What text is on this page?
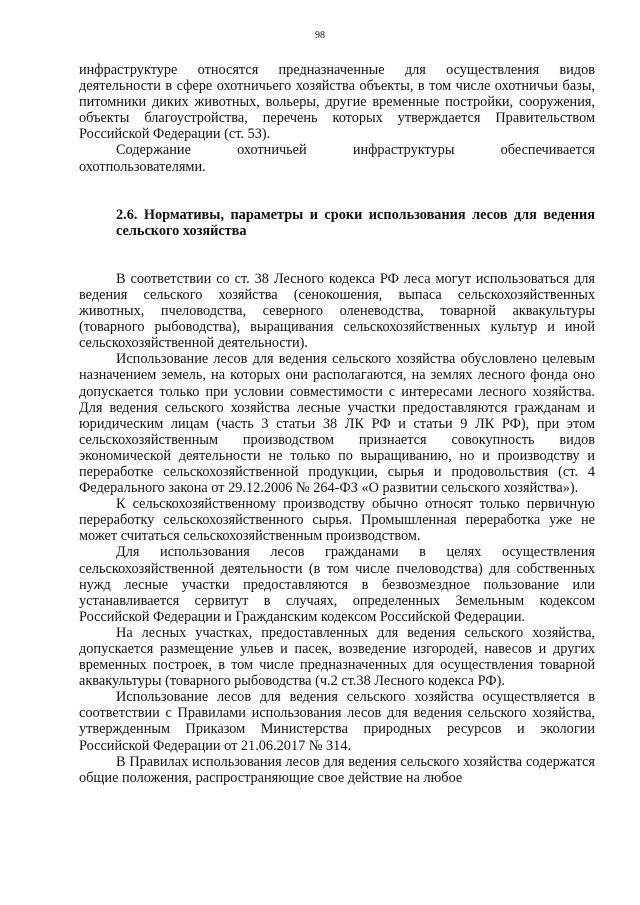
98

инфраструктуре относятся предназначенные для осуществления видов деятельности в сфере охотничьего хозяйства объекты, в том числе охотничьи базы, питомники диких животных, вольеры, другие временные постройки, сооружения, объекты благоустройства, перечень которых утверждается Правительством Российской Федерации (ст. 53).

Содержание охотничьей инфраструктуры обеспечивается охотпользователями.

2.6. Нормативы, параметры и сроки использования лесов для ведения сельского хозяйства

В соответствии со ст. 38 Лесного кодекса РФ леса могут использоваться для ведения сельского хозяйства (сенокошения, выпаса сельскохозяйственных животных, пчеловодства, северного оленеводства, товарной аквакультуры (товарного рыбоводства), выращивания сельскохозяйственных культур и иной сельскохозяйственной деятельности).

Использование лесов для ведения сельского хозяйства обусловлено целевым назначением земель, на которых они располагаются, на землях лесного фонда оно допускается только при условии совместимости с интересами лесного хозяйства. Для ведения сельского хозяйства лесные участки предоставляются гражданам и юридическим лицам (часть 3 статьи 38 ЛК РФ и статьи 9 ЛК РФ), при этом сельскохозяйственным производством признается совокупность видов экономической деятельности не только по выращиванию, но и производству и переработке сельскохозяйственной продукции, сырья и продовольствия (ст. 4 Федерального закона от 29.12.2006 № 264-ФЗ «О развитии сельского хозяйства»).

К сельскохозяйственному производству обычно относят только первичную переработку сельскохозяйственного сырья. Промышленная переработка уже не может считаться сельскохозяйственным производством.

Для использования лесов гражданами в целях осуществления сельскохозяйственной деятельности (в том числе пчеловодства) для собственных нужд лесные участки предоставляются в безвозмездное пользование или устанавливается сервитут в случаях, определенных Земельным кодексом Российской Федерации и Гражданским кодексом Российской Федерации.

На лесных участках, предоставленных для ведения сельского хозяйства, допускается размещение ульев и пасек, возведение изгородей, навесов и других временных построек, в том числе предназначенных для осуществления товарной аквакультуры (товарного рыбоводства (ч.2 ст.38 Лесного кодекса РФ).

Использование лесов для ведения сельского хозяйства осуществляется в соответствии с Правилами использования лесов для ведения сельского хозяйства, утвержденным Приказом Министерства природных ресурсов и экологии Российской Федерации от 21.06.2017 № 314.

В Правилах использования лесов для ведения сельского хозяйства содержатся общие положения, распространяющие свое действие на любое
